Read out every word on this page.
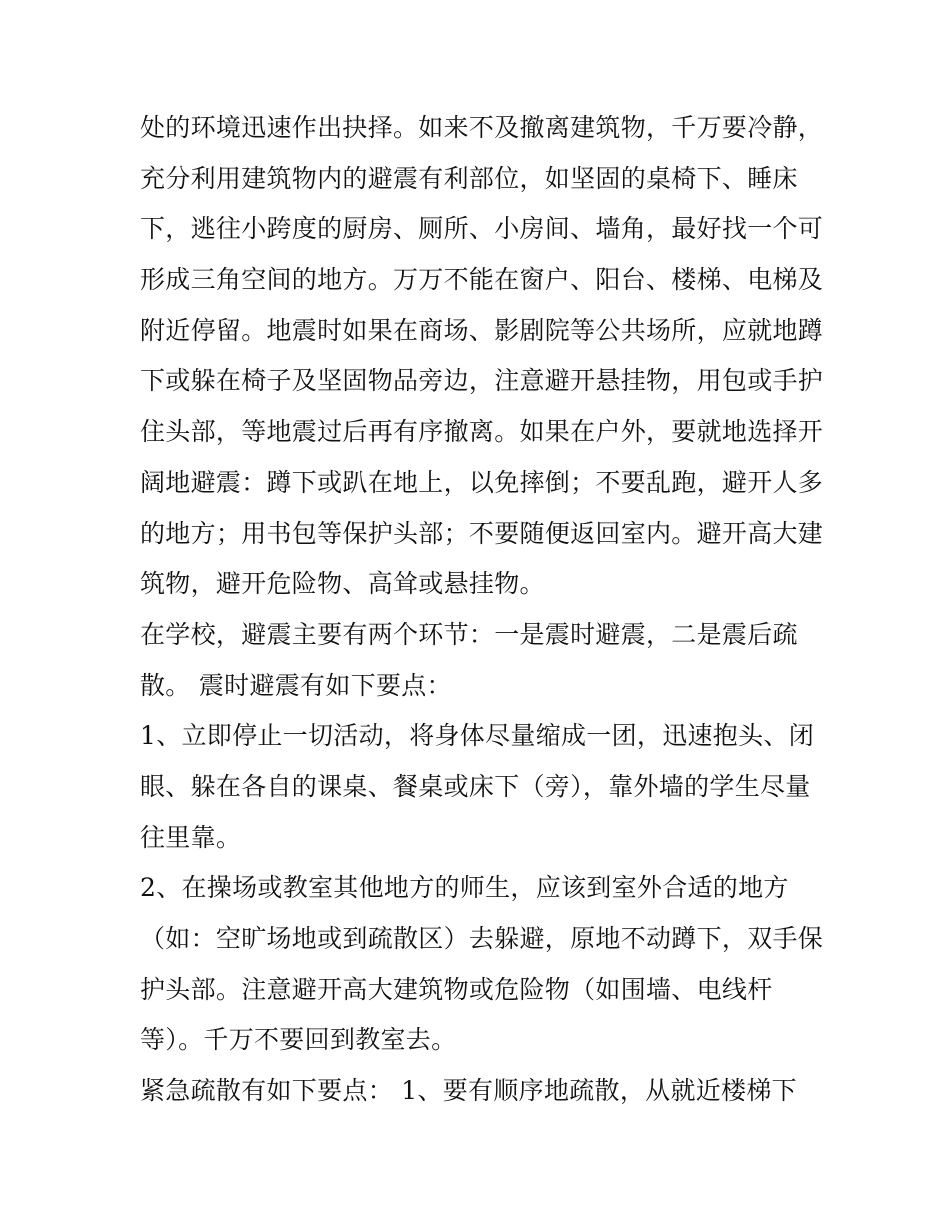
处的环境迅速作出抉择。如来不及撤离建筑物，千万要冷静，
充分利用建筑物内的避震有利部位，如坚固的桌椅下、睡床
下，逃往小跨度的厨房、厕所、小房间、墙角，最好找一个可
形成三角空间的地方。万万不能在窗户、阳台、楼梯、电梯及
附近停留。地震时如果在商场、影剧院等公共场所，应就地蹲
下或躲在椅子及坚固物品旁边，注意避开悬挂物，用包或手护
住头部，等地震过后再有序撤离。如果在户外，要就地选择开
阔地避震：蹲下或趴在地上，以免摔倒；不要乱跑，避开人多
的地方；用书包等保护头部；不要随便返回室内。避开高大建
筑物，避开危险物、高耸或悬挂物。
在学校，避震主要有两个环节：一是震时避震，二是震后疏
散。 震时避震有如下要点：
1、立即停止一切活动，将身体尽量缩成一团，迅速抱头、闭
眼、躲在各自的课桌、餐桌或床下（旁），靠外墙的学生尽量
往里靠。
2、在操场或教室其他地方的师生，应该到室外合适的地方
（如：空旷场地或到疏散区）去躲避，原地不动蹲下，双手保
护头部。注意避开高大建筑物或危险物（如围墙、电线杆
等）。千万不要回到教室去。
紧急疏散有如下要点： 1、要有顺序地疏散，从就近楼梯下
